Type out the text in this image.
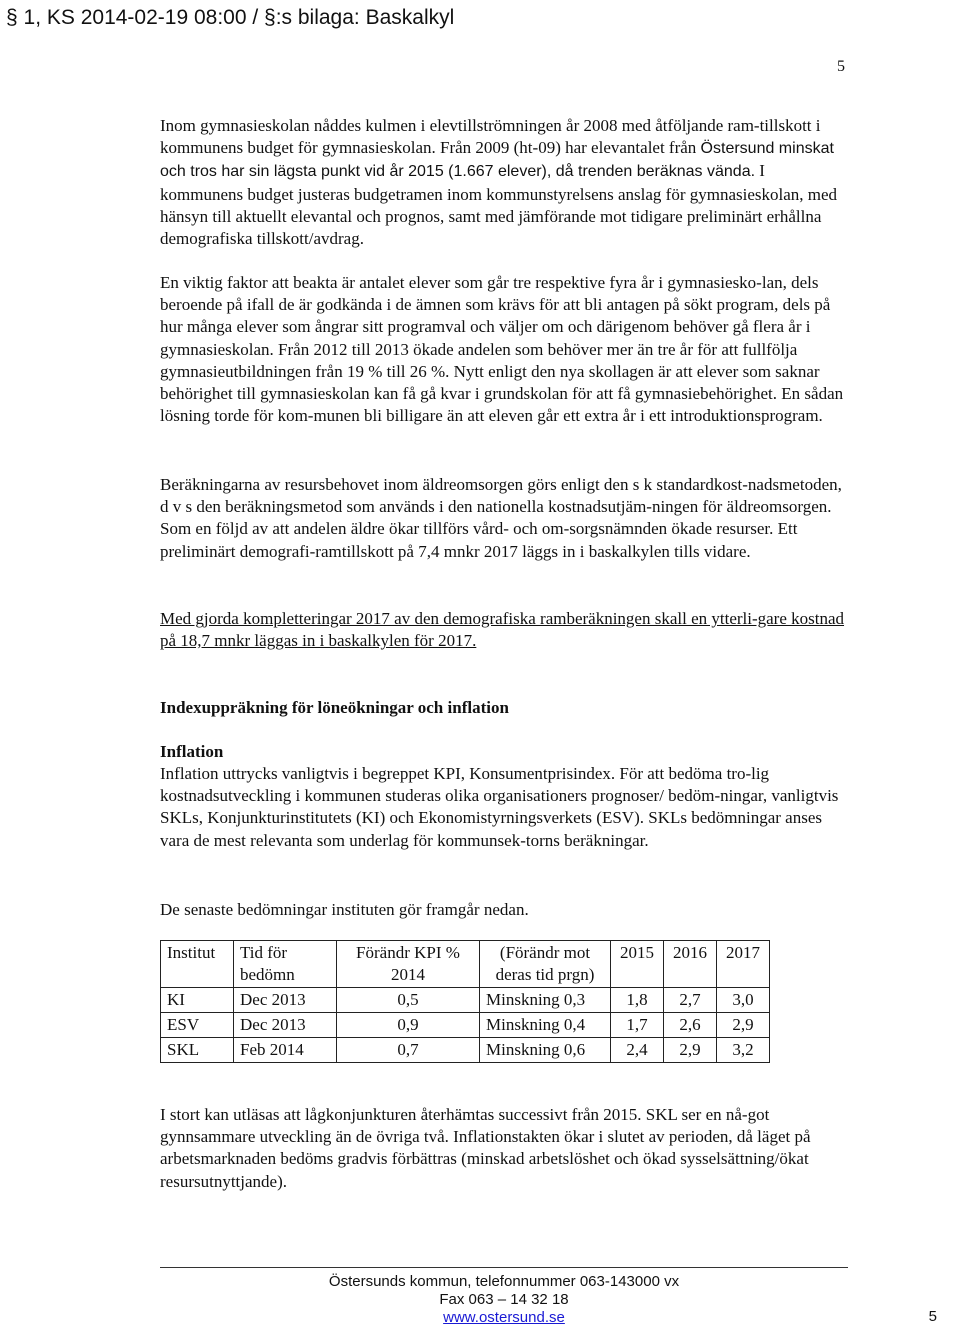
§ 1, KS 2014-02-19 08:00 / §:s bilaga: Baskalkyl
5

Inom gymnasieskolan nåddes kulmen i elevtillströmningen år 2008 med åtföljande ram-tillskott i kommunens budget för gymnasieskolan. Från 2009 (ht-09) har elevantalet från Östersund minskat och tros har sin lägsta punkt vid år 2015 (1.667 elever), då trenden beräknas vända. I kommunens budget justeras budgetramen inom kommunstyrelsens anslag för gymnasieskolan, med hänsyn till aktuellt elevantal och prognos, samt med jämförande mot tidigare preliminärt erhållna demografiska tillskott/avdrag.

En viktig faktor att beakta är antalet elever som går tre respektive fyra år i gymnasiesko-lan, dels beroende på ifall de är godkända i de ämnen som krävs för att bli antagen på sökt program, dels på hur många elever som ångrar sitt programval och väljer om och därigenom behöver gå flera år i gymnasieskolan. Från 2012 till 2013 ökade andelen som behöver mer än tre år för att fullfölja gymnasieutbildningen från 19 % till 26 %. Nytt enligt den nya skollagen är att elever som saknar behörighet till gymnasieskolan kan få gå kvar i grundskolan för att få gymnasiebehörighet. En sådan lösning torde för kom-munen bli billigare än att eleven går ett extra år i ett introduktionsprogram.

Beräkningarna av resursbehovet inom äldreomsorgen görs enligt den s k standardkost-nadsmetoden, d v s den beräkningsmetod som används i den nationella kostnadsutjäm-ningen för äldreomsorgen. Som en följd av att andelen äldre ökar tillförs vård- och om-sorgsnämnden ökade resurser. Ett preliminärt demografi-ramtillskott på 7,4 mnkr 2017 läggs in i baskalkylen tills vidare.

Med gjorda kompletteringar 2017 av den demografiska ramberäkningen skall en ytterli-gare kostnad på 18,7 mnkr läggas in i baskalkylen för 2017.

Indexuppräkning för löneökningar och inflation
Inflation

Inflation uttrycks vanligtvis i begreppet KPI, Konsumentprisindex. För att bedöma tro-lig kostnadsutveckling i kommunen studeras olika organisationers prognoser/ bedöm-ningar, vanligtvis SKLs, Konjunkturinstitutets (KI) och Ekonomistyrningsverkets (ESV). SKLs bedömningar anses vara de mest relevanta som underlag för kommunsek-torns beräkningar.

De senaste bedömningar instituten gör framgår nedan.

Institut	Tid för bedömn	Förändr KPI % 2014	(Förändr mot deras tid prgn)	2015	2016	2017
KI	Dec 2013	0,5	Minskning 0,3	1,8	2,7	3,0
ESV	Dec 2013	0,9	Minskning 0,4	1,7	2,6	2,9
SKL	Feb 2014	0,7	Minskning 0,6	2,4	2,9	3,2

I stort kan utläsas att lågkonjunkturen återhämtas successivt från 2015. SKL ser en nå-got gynnsammare utveckling än de övriga två. Inflationstakten ökar i slutet av perioden, då läget på arbetsmarknaden bedöms gradvis förbättras (minskad arbetslöshet och ökad sysselsättning/ökat resursutnyttjande).

Östersunds kommun, telefonnummer 063-143000 vx
Fax 063 – 14 32 18
www.ostersund.se	5
